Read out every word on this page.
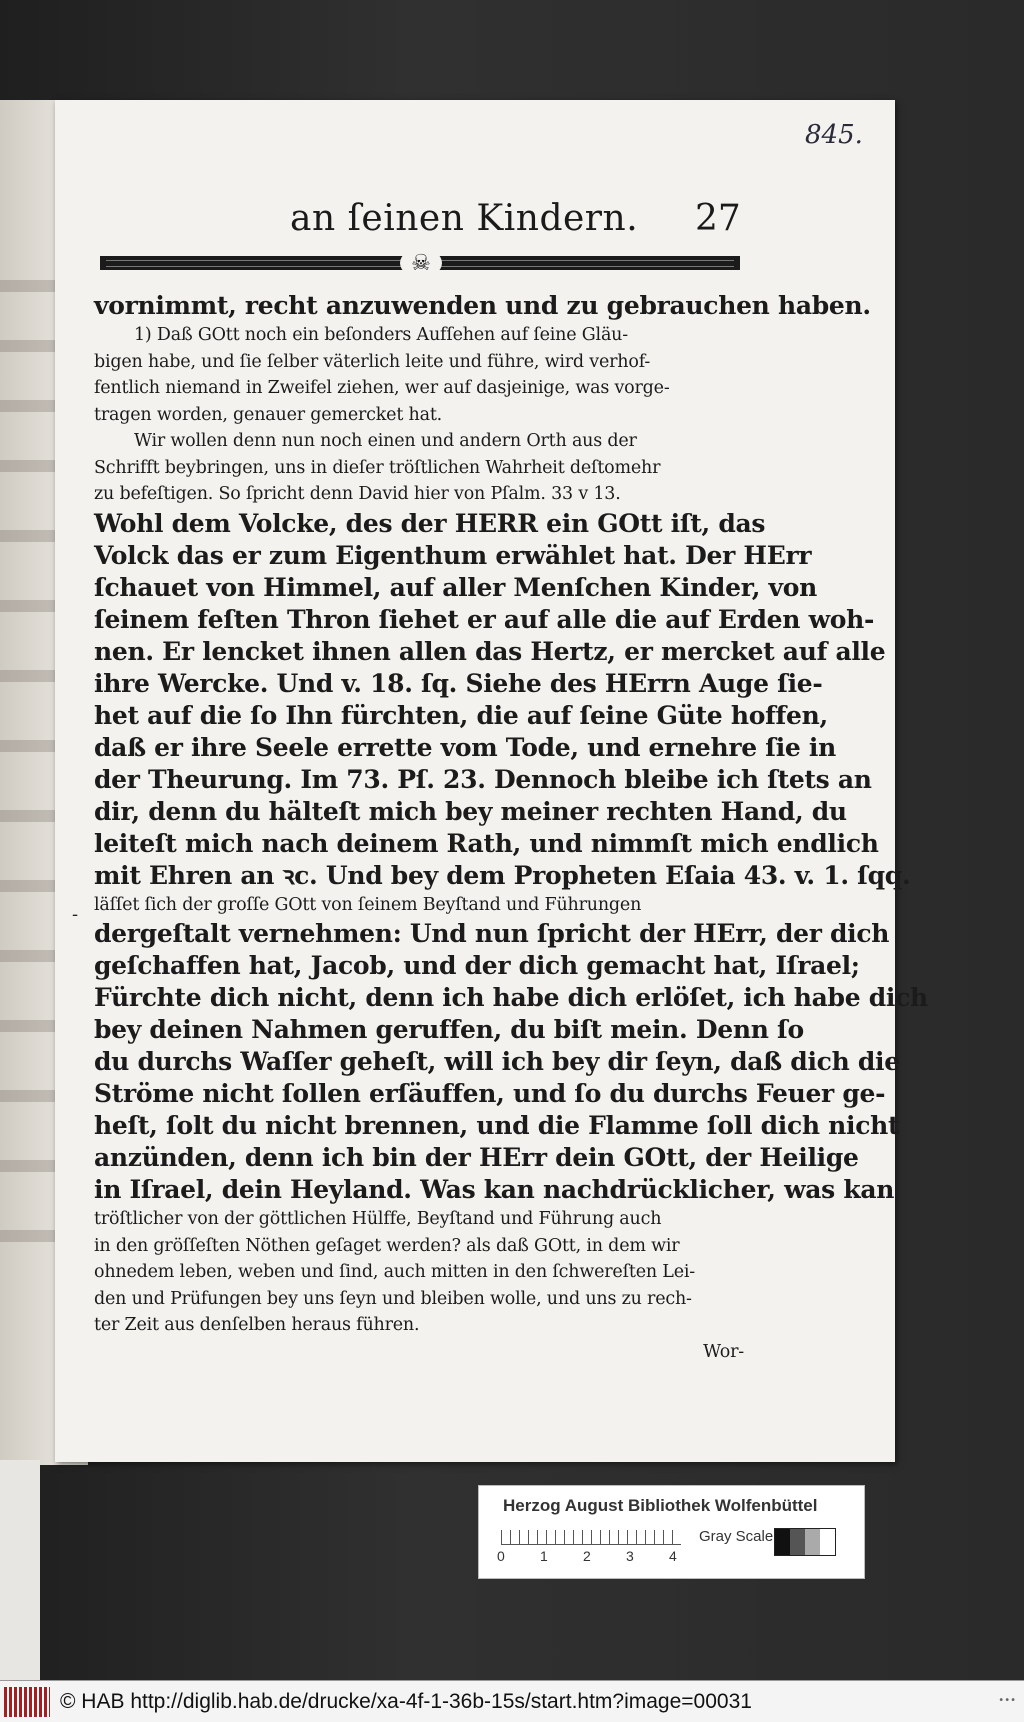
845.
an ſeinen Kindern. 27
☠
-
vornimmt, recht anzuwenden und zu gebrauchen haben.
1) Daß GOtt noch ein beſonders Aufſehen auf ſeine Gläu-
bigen habe, und ſie ſelber väterlich leite und führe, wird verhof-
fentlich niemand in Zweifel ziehen, wer auf dasjeinige, was vorge-
tragen worden, genauer gemercket hat.
Wir wollen denn nun noch einen und andern Orth aus der
Schrifft beybringen, uns in dieſer tröſtlichen Wahrheit deſtomehr
zu befeſtigen. So ſpricht denn David hier von Pſalm. 33 v 13.
Wohl dem Volcke, des der HERR ein GOtt iſt, das
Volck das er zum Eigenthum erwählet hat. Der HErr
ſchauet von Himmel, auf aller Menſchen Kinder, von
ſeinem feſten Thron ſiehet er auf alle die auf Erden woh-
nen. Er lencket ihnen allen das Hertz, er mercket auf alle
ihre Wercke. Und v. 18. ſq. Siehe des HErrn Auge ſie-
het auf die ſo Ihn fürchten, die auf ſeine Güte hoffen,
daß er ihre Seele errette vom Tode, und ernehre ſie in
der Theurung. Im 73. Pſ. 23. Dennoch bleibe ich ſtets an
dir, denn du hälteſt mich bey meiner rechten Hand, du
leiteſt mich nach deinem Rath, und nimmſt mich endlich
mit Ehren an ꝛc. Und bey dem Propheten Eſaia 43. v. 1. ſqq.
läſſet ſich der groſſe GOtt von ſeinem Beyſtand und Führungen
dergeſtalt vernehmen: Und nun ſpricht der HErr, der dich
geſchaffen hat, Jacob, und der dich gemacht hat, Iſrael;
Fürchte dich nicht, denn ich habe dich erlöſet, ich habe dich
bey deinen Nahmen geruffen, du biſt mein. Denn ſo
du durchs Waſſer geheſt, will ich bey dir ſeyn, daß dich die
Ströme nicht ſollen erſäuffen, und ſo du durchs Feuer ge-
heſt, ſolt du nicht brennen, und die Flamme ſoll dich nicht
anzünden, denn ich bin der HErr dein GOtt, der Heilige
in Iſrael, dein Heyland. Was kan nachdrücklicher, was kan
tröſtlicher von der göttlichen Hülffe, Beyſtand und Führung auch
in den gröſſeſten Nöthen geſaget werden? als daß GOtt, in dem wir
ohnedem leben, weben und ſind, auch mitten in den ſchwereſten Lei-
den und Prüfungen bey uns ſeyn und bleiben wolle, und uns zu rech-
ter Zeit aus denſelben heraus führen.
Wor-
Herzog August Bibliothek Wolfenbüttel
0	1	2	3	4
Gray Scale
© HAB http://diglib.hab.de/drucke/xa-4f-1-36b-15s/start.htm?image=00031	•••
